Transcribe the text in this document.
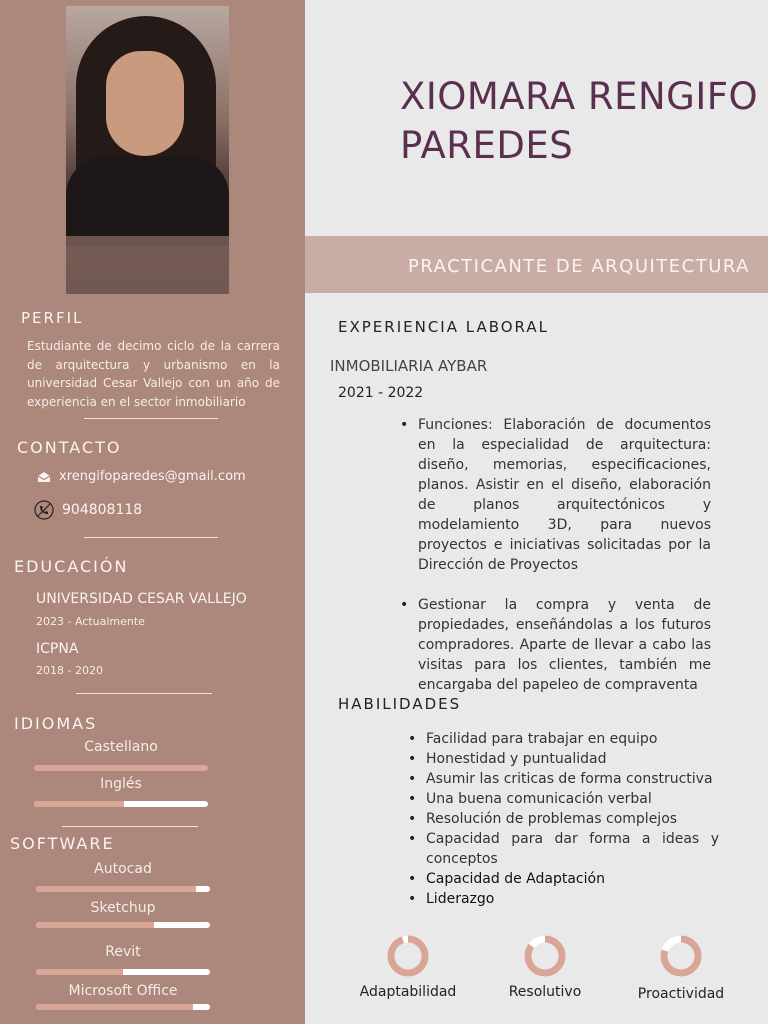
PERFIL
Estudiante de decimo ciclo de la carrera de arquitectura y urbanismo en la universidad Cesar Vallejo con un año de experiencia en el sector inmobiliario
CONTACTO
xrengifoparedes@gmail.com
904808118
EDUCACIÓN
UNIVERSIDAD CESAR VALLEJO
2023 - Actualmente
ICPNA
2018 - 2020
IDIOMAS
Castellano
Inglés
SOFTWARE
Autocad
Sketchup
Revit
Microsoft Office
XIOMARA RENGIFO
PAREDES
PRACTICANTE DE ARQUITECTURA
EXPERIENCIA LABORAL
INMOBILIARIA AYBAR
2021 - 2022
• Funciones: Elaboración de documentos en la especialidad de arquitectura: diseño, memorias, especificaciones, planos. Asistir en el diseño, elaboración de planos arquitectónicos y modelamiento 3D, para nuevos proyectos e iniciativas solicitadas por la Dirección de Proyectos
• Gestionar la compra y venta de propiedades, enseñándolas a los futuros compradores. Aparte de llevar a cabo las visitas para los clientes, también me encargaba del papeleo de compraventa
HABILIDADES
• Facilidad para trabajar en equipo
• Honestidad y puntualidad
• Asumir las criticas de forma constructiva
• Una buena comunicación verbal
• Resolución de problemas complejos
• Capacidad para dar forma a ideas y conceptos
• Capacidad de Adaptación
• Liderazgo
Adaptabilidad	Resolutivo	Proactividad
